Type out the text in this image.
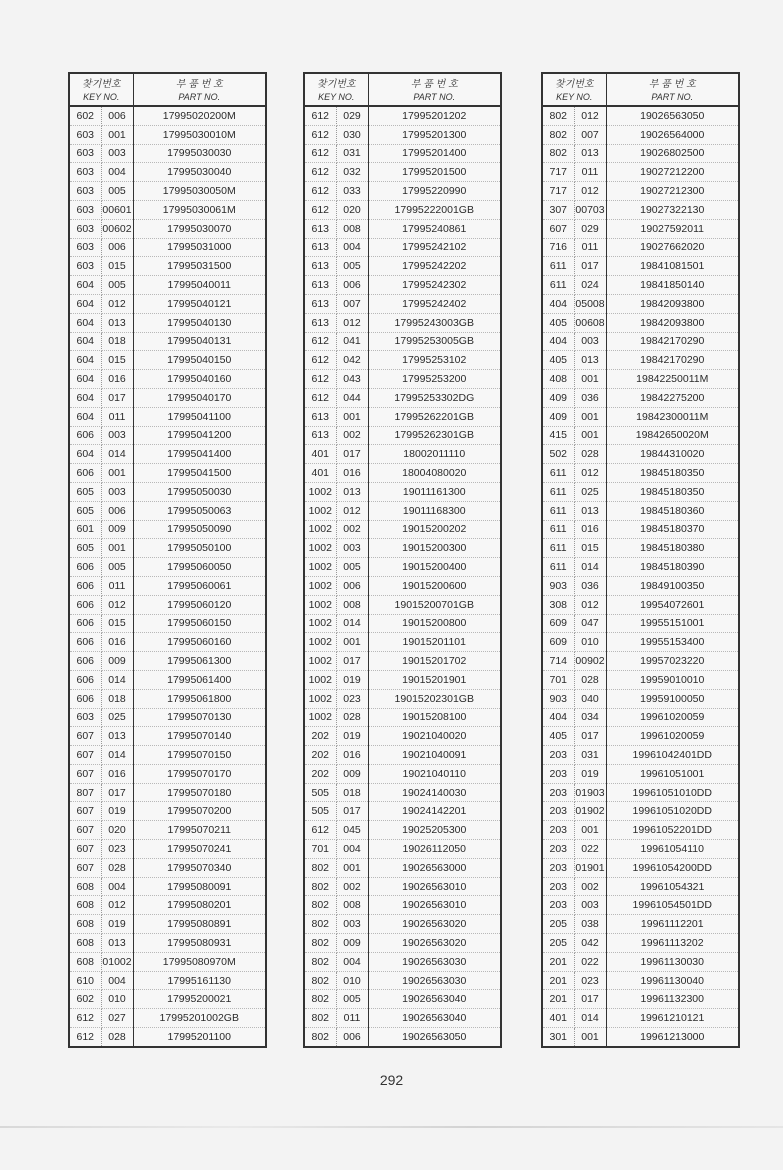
찾기번호		부 품 번 호
KEY NO.		PART NO.
602	006	17995020200M
603	001	17995030010M
603	003	17995030030
603	004	17995030040
603	005	17995030050M
603	00601	17995030061M
603	00602	17995030070
603	006	17995031000
603	015	17995031500
604	005	17995040011
604	012	17995040121
604	013	17995040130
604	018	17995040131
604	015	17995040150
604	016	17995040160
604	017	17995040170
604	011	17995041100
606	003	17995041200
604	014	17995041400
606	001	17995041500
605	003	17995050030
605	006	17995050063
601	009	17995050090
605	001	17995050100
606	005	17995060050
606	011	17995060061
606	012	17995060120
606	015	17995060150
606	016	17995060160
606	009	17995061300
606	014	17995061400
606	018	17995061800
603	025	17995070130
607	013	17995070140
607	014	17995070150
607	016	17995070170
807	017	17995070180
607	019	17995070200
607	020	17995070211
607	023	17995070241
607	028	17995070340
608	004	17995080091
608	012	17995080201
608	019	17995080891
608	013	17995080931
608	01002	17995080970M
610	004	17995161130
602	010	17995200021
612	027	17995201002GB
612	028	17995201100
찾기번호		부 품 번 호
KEY NO.		PART NO.
612	029	17995201202
612	030	17995201300
612	031	17995201400
612	032	17995201500
612	033	17995220990
612	020	17995222001GB
613	008	17995240861
613	004	17995242102
613	005	17995242202
613	006	17995242302
613	007	17995242402
613	012	17995243003GB
612	041	17995253005GB
612	042	17995253102
612	043	17995253200
612	044	17995253302DG
613	001	17995262201GB
613	002	17995262301GB
401	017	18002011110
401	016	18004080020
1002	013	19011161300
1002	012	19011168300
1002	002	19015200202
1002	003	19015200300
1002	005	19015200400
1002	006	19015200600
1002	008	19015200701GB
1002	014	19015200800
1002	001	19015201101
1002	017	19015201702
1002	019	19015201901
1002	023	19015202301GB
1002	028	19015208100
202	019	19021040020
202	016	19021040091
202	009	19021040110
505	018	19024140030
505	017	19024142201
612	045	19025205300
701	004	19026112050
802	001	19026563000
802	002	19026563010
802	008	19026563010
802	003	19026563020
802	009	19026563020
802	004	19026563030
802	010	19026563030
802	005	19026563040
802	011	19026563040
802	006	19026563050
찾기번호		부 품 번 호
KEY NO.		PART NO.
802	012	19026563050
802	007	19026564000
802	013	19026802500
717	011	19027212200
717	012	19027212300
307	00703	19027322130
607	029	19027592011
716	011	19027662020
611	017	19841081501
611	024	19841850140
404	05008	19842093800
405	00608	19842093800
404	003	19842170290
405	013	19842170290
408	001	19842250011M
409	036	19842275200
409	001	19842300011M
415	001	19842650020M
502	028	19844310020
611	012	19845180350
611	025	19845180350
611	013	19845180360
611	016	19845180370
611	015	19845180380
611	014	19845180390
903	036	19849100350
308	012	19954072601
609	047	19955151001
609	010	19955153400
714	00902	19957023220
701	028	19959010010
903	040	19959100050
404	034	19961020059
405	017	19961020059
203	031	19961042401DD
203	019	19961051001
203	01903	19961051010DD
203	01902	19961051020DD
203	001	19961052201DD
203	022	19961054110
203	01901	19961054200DD
203	002	19961054321
203	003	19961054501DD
205	038	19961112201
205	042	19961113202
201	022	19961130030
201	023	19961130040
201	017	19961132300
401	014	19961210121
301	001	19961213000
292
